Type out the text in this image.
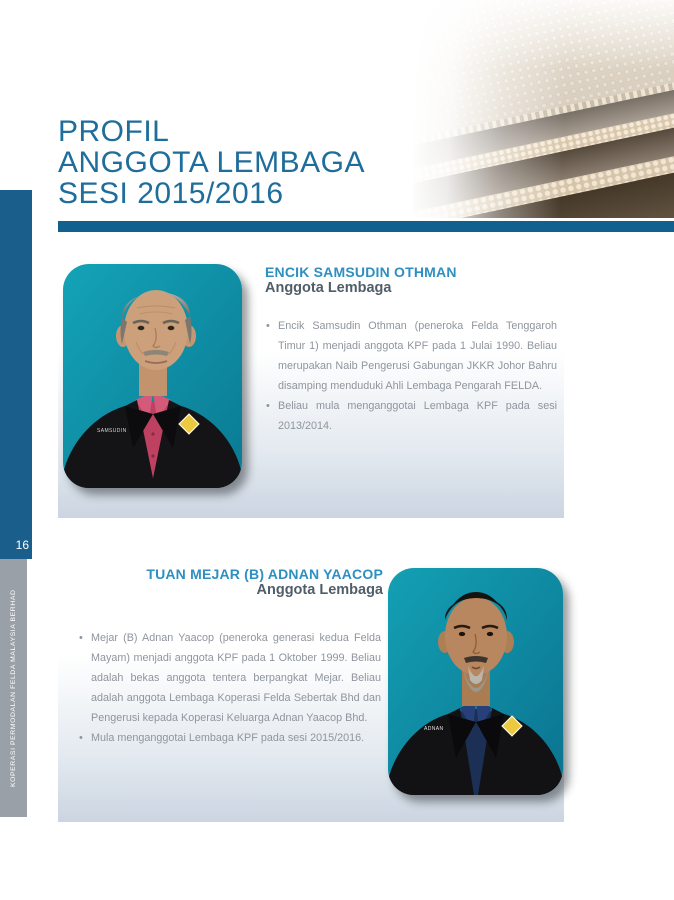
PROFIL
ANGGOTA LEMBAGA
SESI 2015/2016
16
KOPERASI PERMODALAN FELDA MALAYSIA BERHAD
SAMSUDIN
ENCIK SAMSUDIN OTHMAN
Anggota Lembaga
• Encik Samsudin Othman (peneroka Felda Tenggaroh Timur 1) menjadi anggota KPF pada 1 Julai 1990. Beliau merupakan Naib Pengerusi Gabungan JKKR Johor Bahru disamping menduduki Ahli Lembaga Pengarah FELDA.
• Beliau mula menganggotai Lembaga KPF pada sesi 2013/2014.
TUAN MEJAR (B) ADNAN YAACOP
Anggota Lembaga
• Mejar (B) Adnan Yaacop (peneroka generasi kedua Felda Mayam) menjadi anggota KPF pada 1 Oktober 1999. Beliau adalah bekas anggota tentera berpangkat Mejar. Beliau adalah anggota Lembaga Koperasi Felda Sebertak Bhd dan Pengerusi kepada Koperasi Keluarga Adnan Yaacop Bhd.
• Mula menganggotai Lembaga KPF pada sesi 2015/2016.
ADNAN
